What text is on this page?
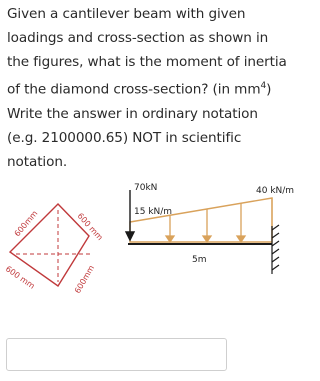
Given a cantilever beam with given
loadings and cross-section as shown in
the figures, what is the moment of inertia
of the diamond cross-section? (in $mm^4$)
Write the answer in ordinary notation
(e.g. 2100000.65) NOT in scientific
notation.
600mm	600 mm
600 mm	600mm
70kN
15 kN/m
40 kN/m
5m
